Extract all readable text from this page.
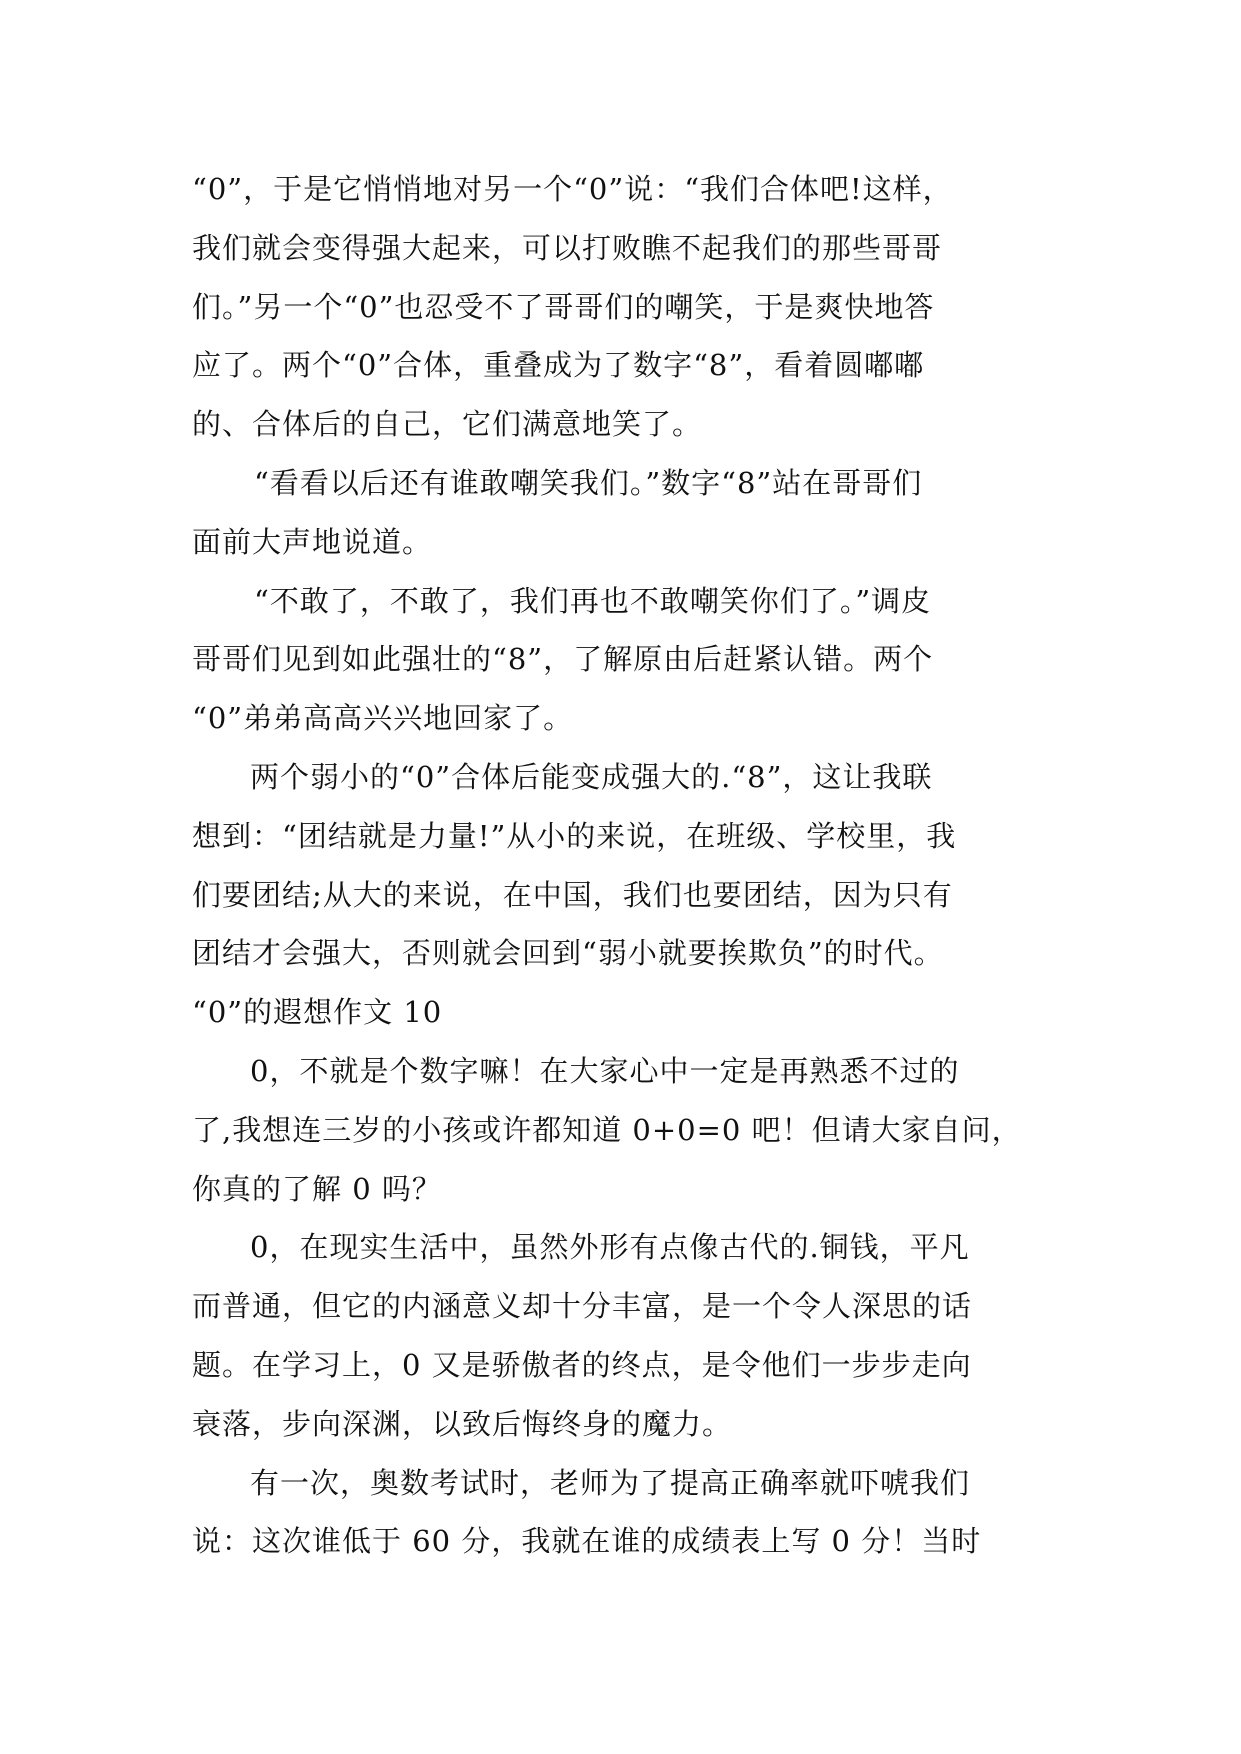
“0”，于是它悄悄地对另一个“0”说：“我们合体吧!这样，
我们就会变得强大起来，可以打败瞧不起我们的那些哥哥
们。”另一个“0”也忍受不了哥哥们的嘲笑，于是爽快地答
应了。两个“0”合体，重叠成为了数字“8”，看着圆嘟嘟
的、合体后的自己，它们满意地笑了。
“看看以后还有谁敢嘲笑我们。”数字“8”站在哥哥们
面前大声地说道。
“不敢了，不敢了，我们再也不敢嘲笑你们了。”调皮
哥哥们见到如此强壮的“8”，了解原由后赶紧认错。两个
“0”弟弟高高兴兴地回家了。
两个弱小的“0”合体后能变成强大的.“8”，这让我联
想到：“团结就是力量!”从小的来说，在班级、学校里，我
们要团结;从大的来说，在中国，我们也要团结，因为只有
团结才会强大，否则就会回到“弱小就要挨欺负”的时代。
“0”的遐想作文 10
0，不就是个数字嘛！在大家心中一定是再熟悉不过的
了,我想连三岁的小孩或许都知道 0+0=0 吧！但请大家自问，
你真的了解 0 吗？
0，在现实生活中，虽然外形有点像古代的.铜钱，平凡
而普通，但它的内涵意义却十分丰富，是一个令人深思的话
题。在学习上，0 又是骄傲者的终点，是令他们一步步走向
衰落，步向深渊，以致后悔终身的魔力。
有一次，奥数考试时，老师为了提高正确率就吓唬我们
说：这次谁低于 60 分，我就在谁的成绩表上写 0 分！当时
